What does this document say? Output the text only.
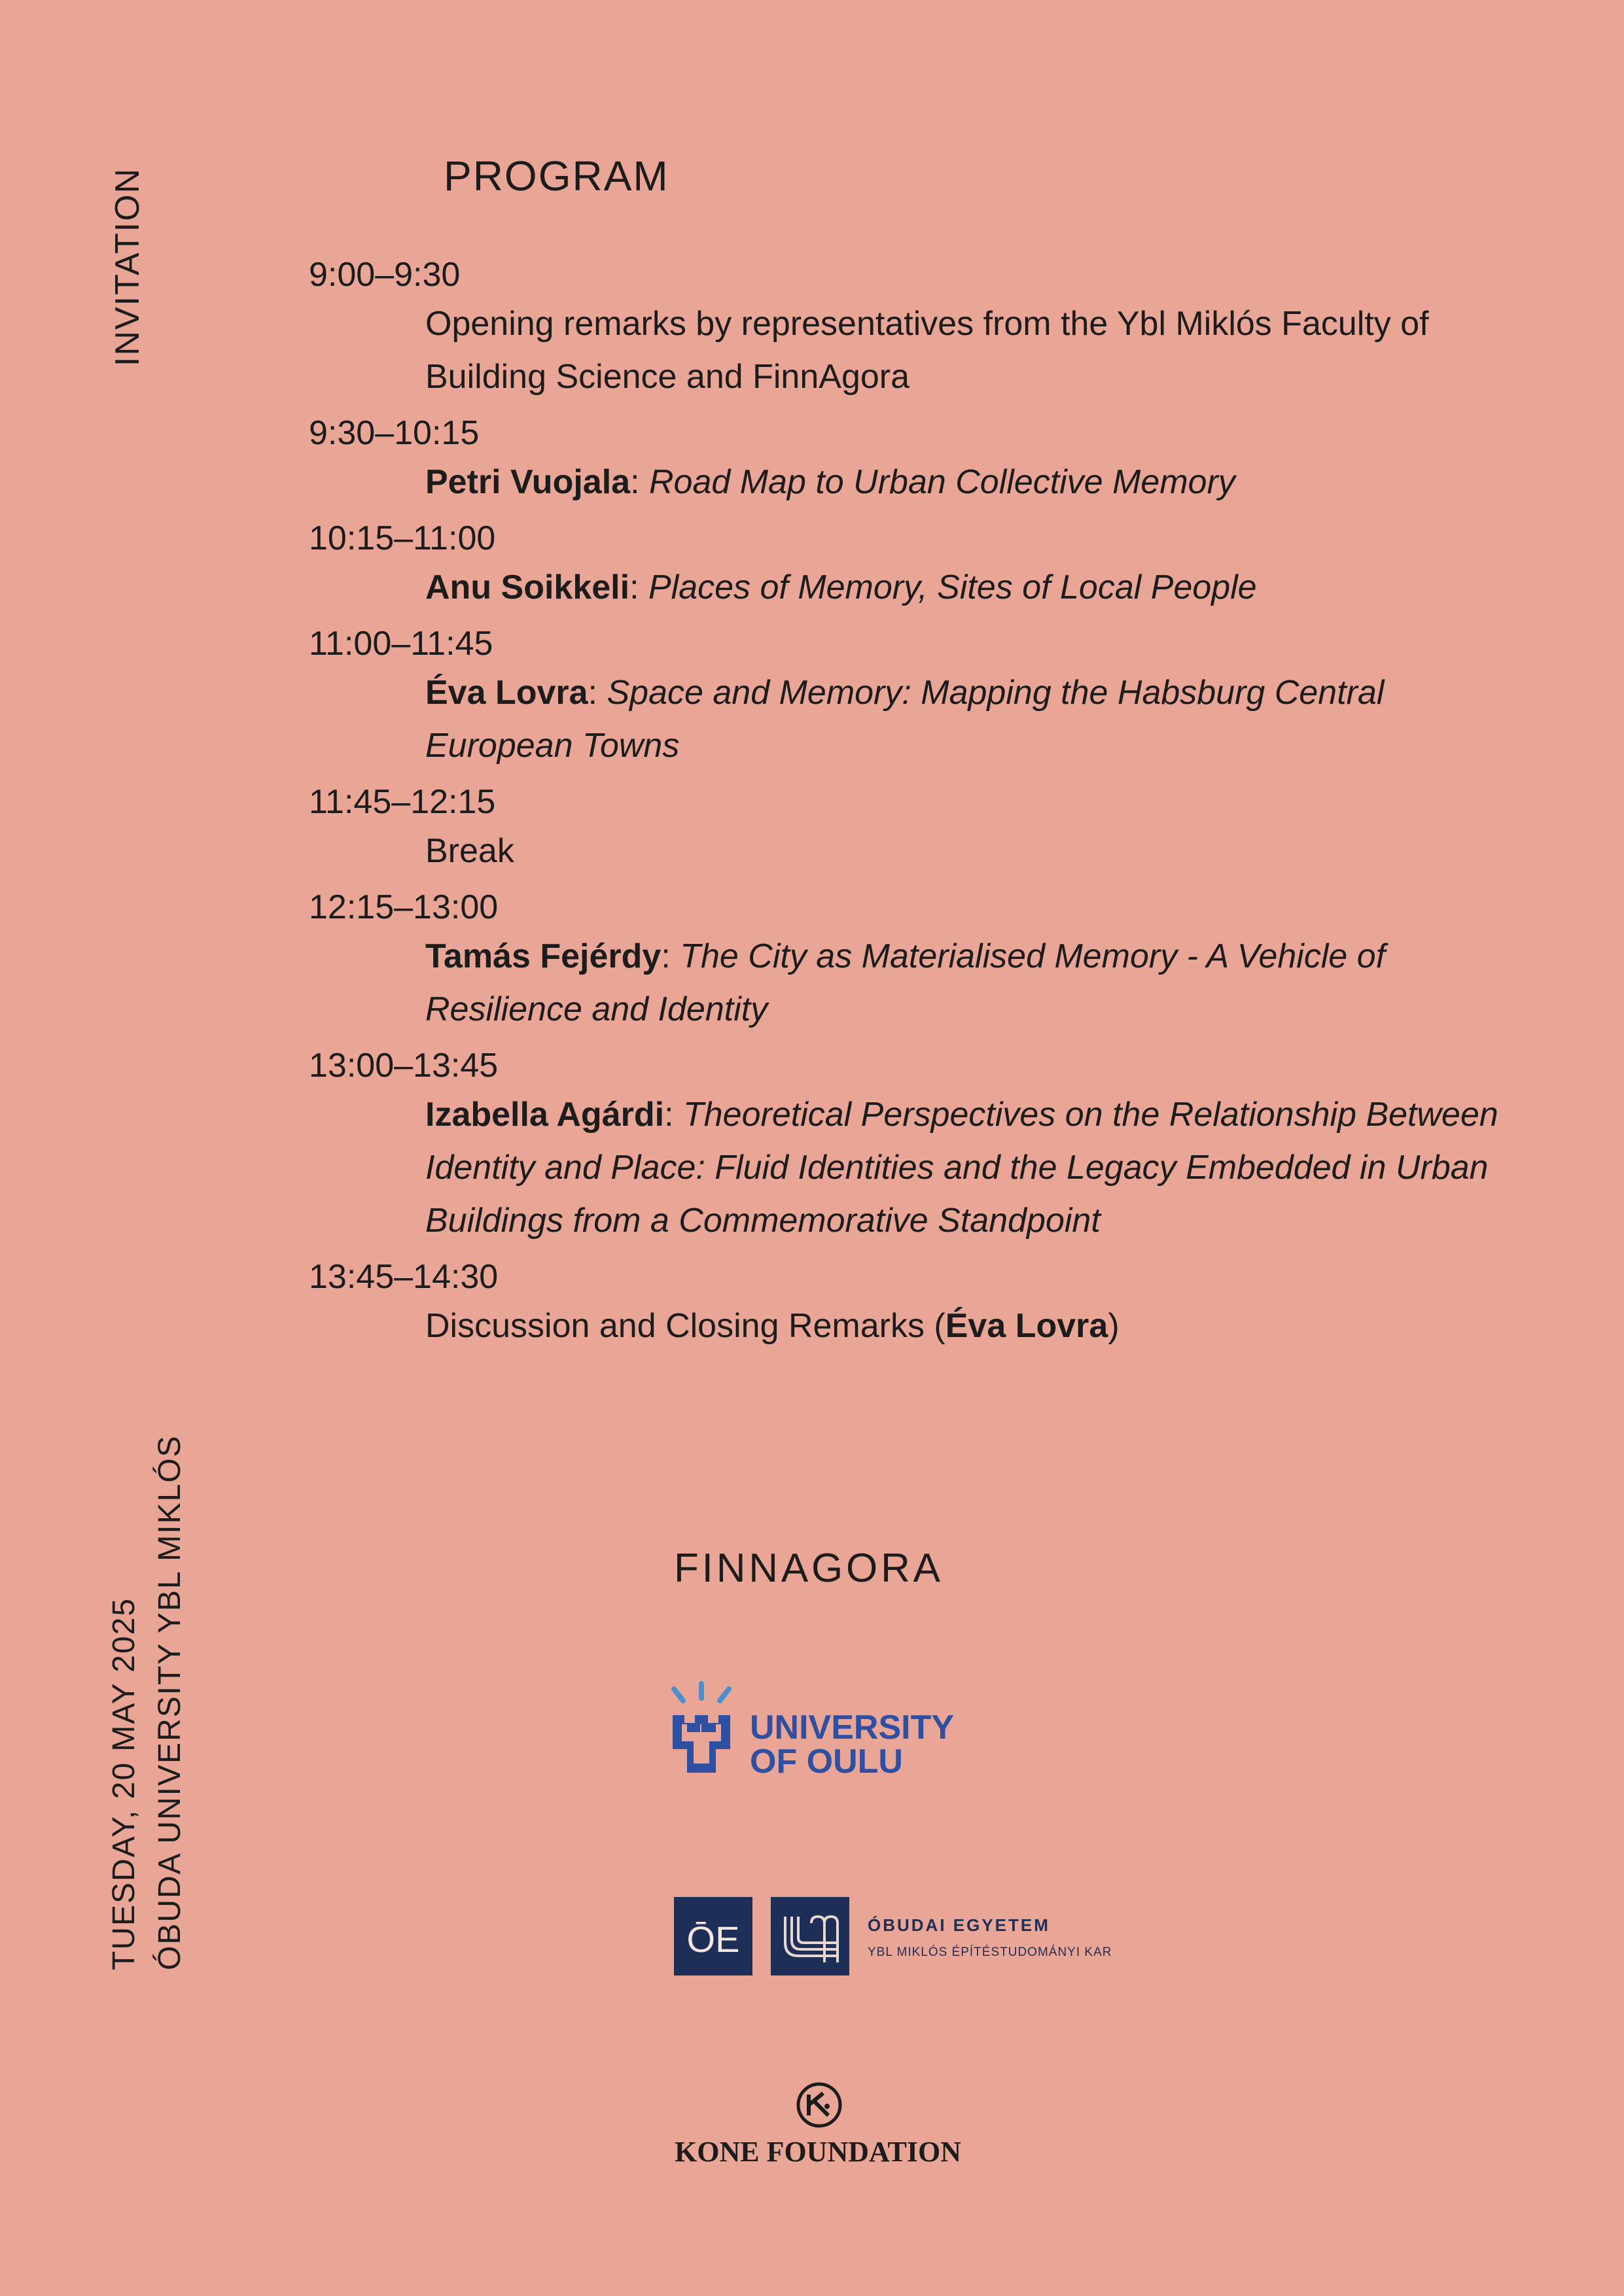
INVITATION
TUESDAY, 20 MAY 2025 ÓBUDA UNIVERSITY YBL MIKLÓS
PROGRAM
9:00–9:30
Opening remarks by representatives from the Ybl Miklós Faculty of Building Science and FinnAgora
9:30–10:15
Petri Vuojala: Road Map to Urban Collective Memory
10:15–11:00
Anu Soikkeli: Places of Memory, Sites of Local People
11:00–11:45
Éva Lovra: Space and Memory: Mapping the Habsburg Central European Towns
11:45–12:15
Break
12:15–13:00
Tamás Fejérdy: The City as Materialised Memory - A Vehicle of Resilience and Identity
13:00–13:45
Izabella Agárdi: Theoretical Perspectives on the Relationship Between Identity and Place: Fluid Identities and the Legacy Embedded in Urban Buildings from a Commemorative Standpoint
13:45–14:30
Discussion and Closing Remarks (Éva Lovra)
FINNAGORA
UNIVERSITY
OF OULU
ŌE	ÓBUDAI EGYETEM
YBL MIKLÓS ÉPÍTÉSTUDOMÁNYI KAR
KONE FOUNDATION
